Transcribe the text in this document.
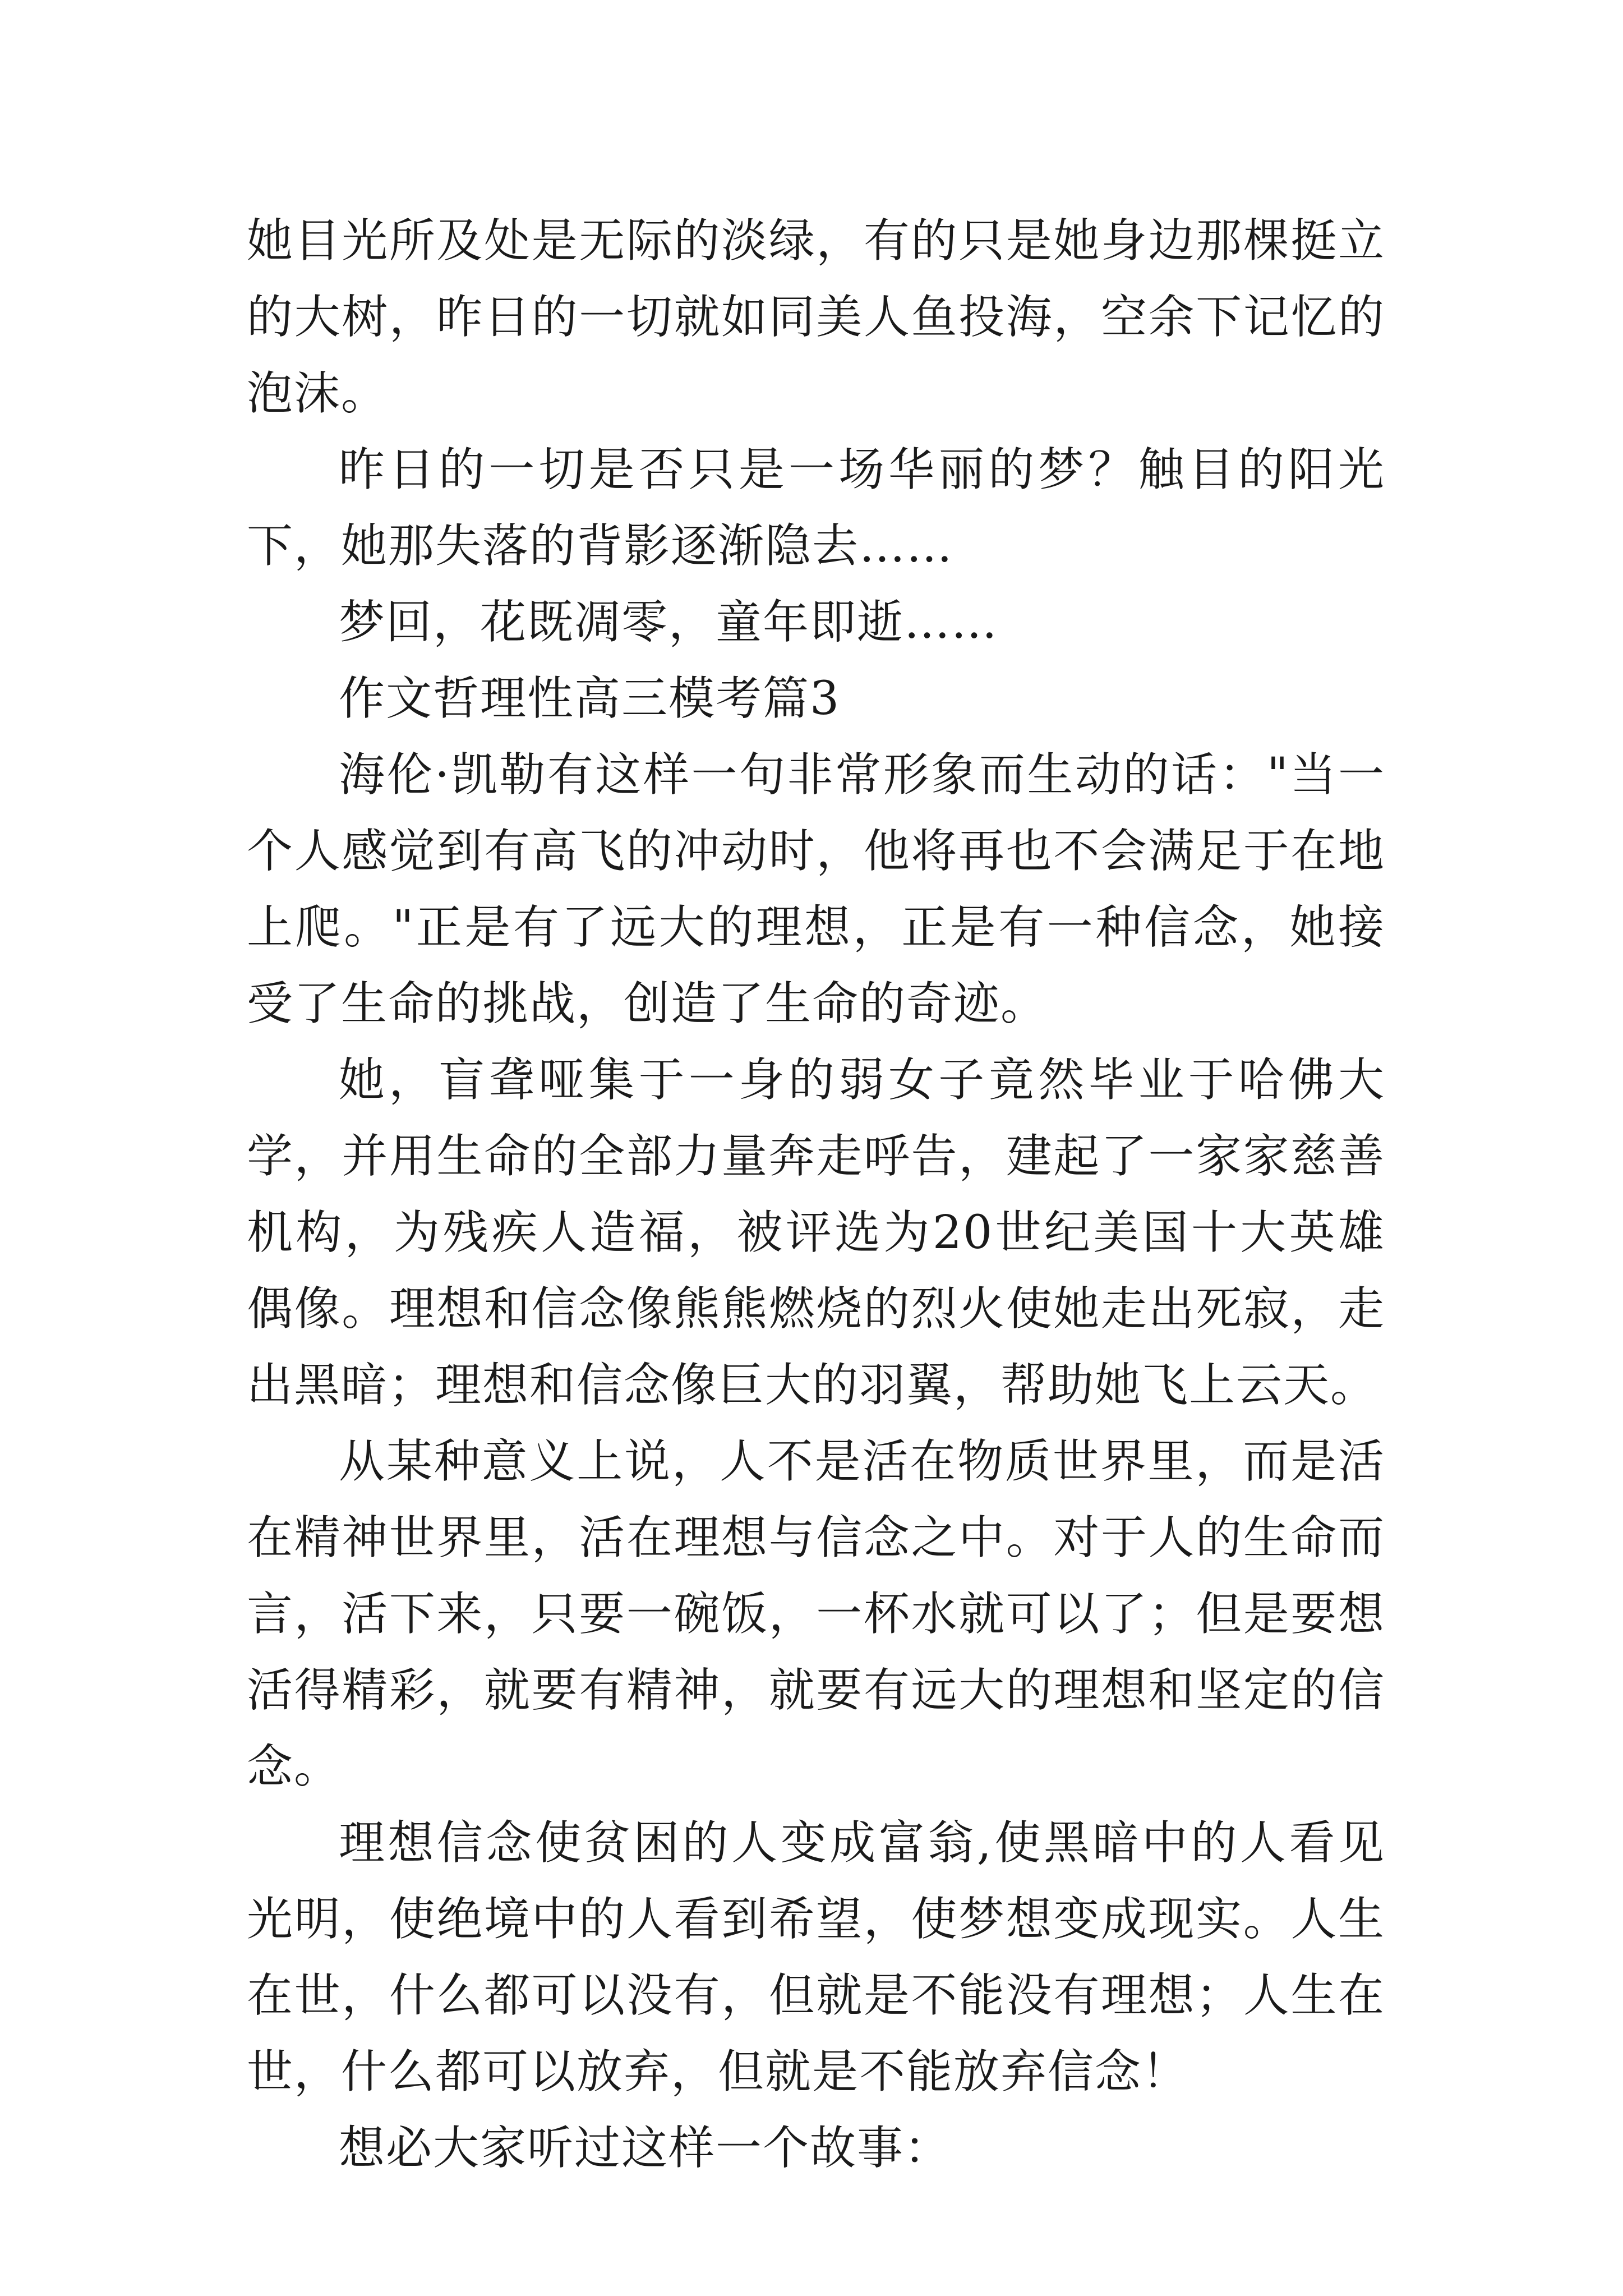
她目光所及处是无际的淡绿，有的只是她身边那棵挺立的大树，昨日的一切就如同美人鱼投海，空余下记忆的泡沫。

昨日的一切是否只是一场华丽的梦？触目的阳光下，她那失落的背影逐渐隐去……

梦回，花既凋零，童年即逝……

作文哲理性高三模考篇3

海伦·凯勒有这样一句非常形象而生动的话："当一个人感觉到有高飞的冲动时，他将再也不会满足于在地上爬。"正是有了远大的理想，正是有一种信念，她接受了生命的挑战，创造了生命的奇迹。

她，盲聋哑集于一身的弱女子竟然毕业于哈佛大学，并用生命的全部力量奔走呼告，建起了一家家慈善机构，为残疾人造福，被评选为20世纪美国十大英雄偶像。理想和信念像熊熊燃烧的烈火使她走出死寂，走出黑暗；理想和信念像巨大的羽翼，帮助她飞上云天。

从某种意义上说，人不是活在物质世界里，而是活在精神世界里，活在理想与信念之中。对于人的生命而言，活下来，只要一碗饭，一杯水就可以了；但是要想活得精彩，就要有精神，就要有远大的理想和坚定的信念。

理想信念使贫困的人变成富翁,使黑暗中的人看见光明，使绝境中的人看到希望，使梦想变成现实。人生在世，什么都可以没有，但就是不能没有理想；人生在世，什么都可以放弃，但就是不能放弃信念！

想必大家听过这样一个故事：
